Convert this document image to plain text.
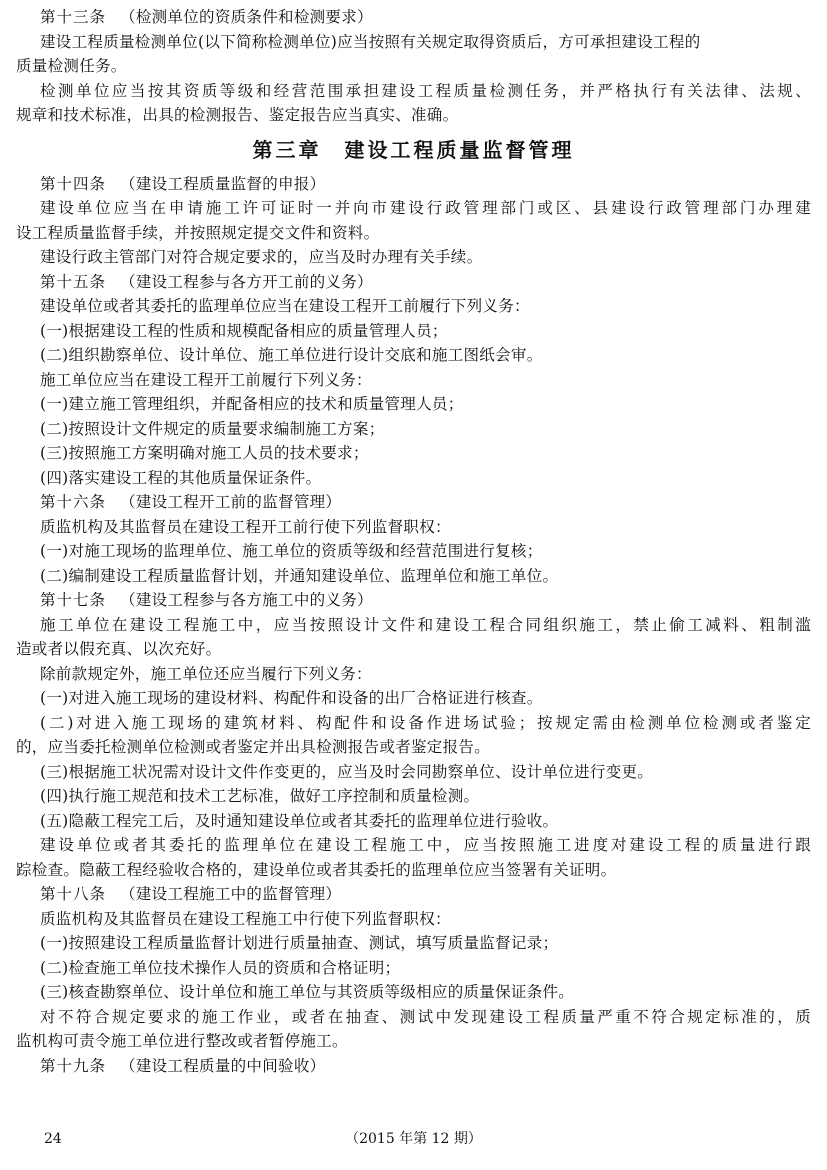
第十三条 （检测单位的资质条件和检测要求）
建设工程质量检测单位(以下简称检测单位)应当按照有关规定取得资质后，方可承担建设工程的
质量检测任务。
检测单位应当按其资质等级和经营范围承担建设工程质量检测任务，并严格执行有关法律、法规、
规章和技术标准，出具的检测报告、鉴定报告应当真实、准确。
第三章　建设工程质量监督管理
第十四条 （建设工程质量监督的申报）
建设单位应当在申请施工许可证时一并向市建设行政管理部门或区、县建设行政管理部门办理建
设工程质量监督手续，并按照规定提交文件和资料。
建设行政主管部门对符合规定要求的，应当及时办理有关手续。
第十五条 （建设工程参与各方开工前的义务）
建设单位或者其委托的监理单位应当在建设工程开工前履行下列义务：
(一)根据建设工程的性质和规模配备相应的质量管理人员；
(二)组织勘察单位、设计单位、施工单位进行设计交底和施工图纸会审。
施工单位应当在建设工程开工前履行下列义务：
(一)建立施工管理组织，并配备相应的技术和质量管理人员；
(二)按照设计文件规定的质量要求编制施工方案；
(三)按照施工方案明确对施工人员的技术要求；
(四)落实建设工程的其他质量保证条件。
第十六条 （建设工程开工前的监督管理）
质监机构及其监督员在建设工程开工前行使下列监督职权：
(一)对施工现场的监理单位、施工单位的资质等级和经营范围进行复核；
(二)编制建设工程质量监督计划，并通知建设单位、监理单位和施工单位。
第十七条 （建设工程参与各方施工中的义务）
施工单位在建设工程施工中，应当按照设计文件和建设工程合同组织施工，禁止偷工减料、粗制滥
造或者以假充真、以次充好。
除前款规定外，施工单位还应当履行下列义务：
(一)对进入施工现场的建设材料、构配件和设备的出厂合格证进行核查。
(二)对进入施工现场的建筑材料、构配件和设备作进场试验；按规定需由检测单位检测或者鉴定
的，应当委托检测单位检测或者鉴定并出具检测报告或者鉴定报告。
(三)根据施工状况需对设计文件作变更的，应当及时会同勘察单位、设计单位进行变更。
(四)执行施工规范和技术工艺标准，做好工序控制和质量检测。
(五)隐蔽工程完工后，及时通知建设单位或者其委托的监理单位进行验收。
建设单位或者其委托的监理单位在建设工程施工中，应当按照施工进度对建设工程的质量进行跟
踪检查。隐蔽工程经验收合格的，建设单位或者其委托的监理单位应当签署有关证明。
第十八条 （建设工程施工中的监督管理）
质监机构及其监督员在建设工程施工中行使下列监督职权：
(一)按照建设工程质量监督计划进行质量抽查、测试，填写质量监督记录；
(二)检查施工单位技术操作人员的资质和合格证明；
(三)核查勘察单位、设计单位和施工单位与其资质等级相应的质量保证条件。
对不符合规定要求的施工作业，或者在抽查、测试中发现建设工程质量严重不符合规定标准的，质
监机构可责令施工单位进行整改或者暂停施工。
第十九条 （建设工程质量的中间验收）
24	（2015 年第 12 期）
